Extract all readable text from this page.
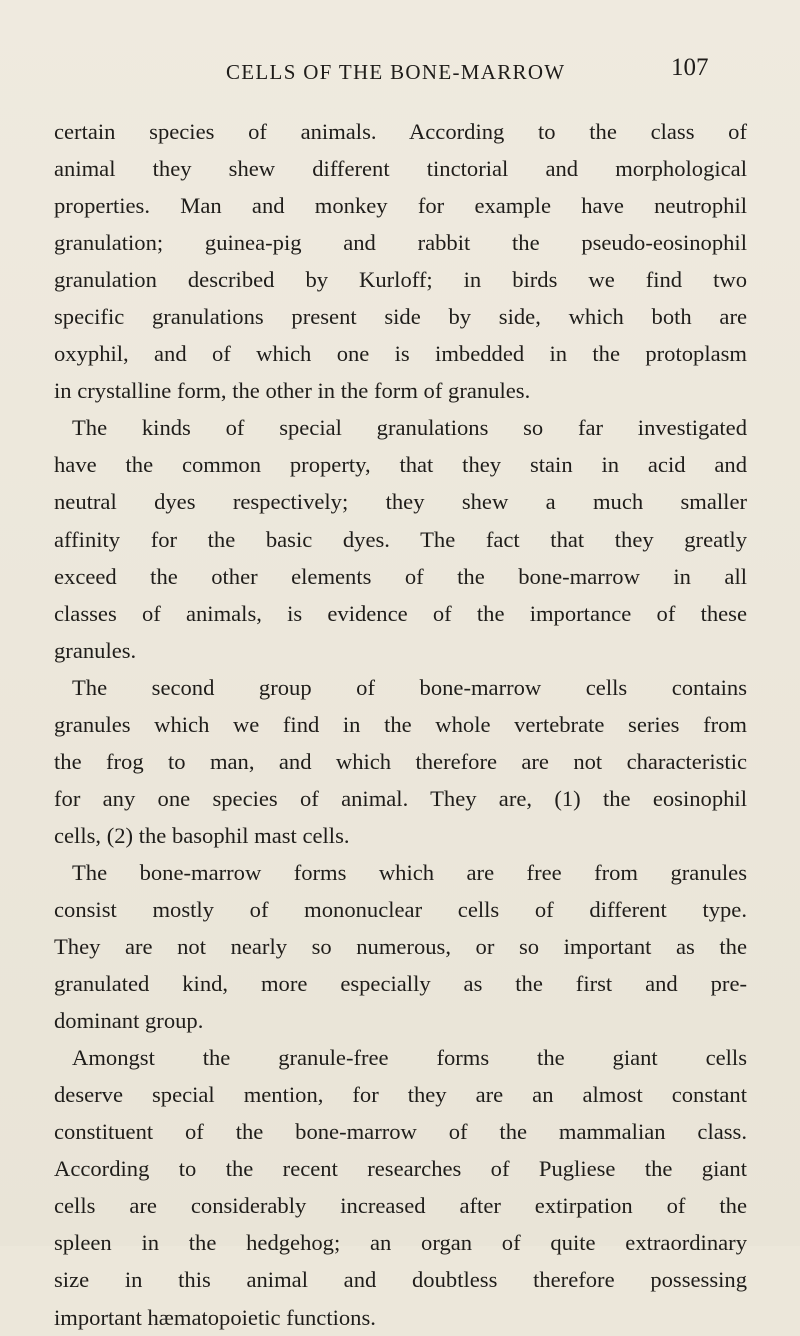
CELLS OF THE BONE-MARROW	107
certain species of animals. According to the class of
animal they shew different tinctorial and morphological
properties. Man and monkey for example have neutrophil
granulation; guinea-pig and rabbit the pseudo-eosinophil
granulation described by Kurloff; in birds we find two
specific granulations present side by side, which both are
oxyphil, and of which one is imbedded in the protoplasm
in crystalline form, the other in the form of granules.
The kinds of special granulations so far investigated
have the common property, that they stain in acid and
neutral dyes respectively; they shew a much smaller
affinity for the basic dyes. The fact that they greatly
exceed the other elements of the bone-marrow in all
classes of animals, is evidence of the importance of these
granules.
The second group of bone-marrow cells contains
granules which we find in the whole vertebrate series from
the frog to man, and which therefore are not characteristic
for any one species of animal. They are, (1) the eosinophil
cells, (2) the basophil mast cells.
The bone-marrow forms which are free from granules
consist mostly of mononuclear cells of different type.
They are not nearly so numerous, or so important as the
granulated kind, more especially as the first and pre-
dominant group.
Amongst the granule-free forms the giant cells
deserve special mention, for they are an almost constant
constituent of the bone-marrow of the mammalian class.
According to the recent researches of Pugliese the giant
cells are considerably increased after extirpation of the
spleen in the hedgehog; an organ of quite extraordinary
size in this animal and doubtless therefore possessing
important hæmatopoietic functions.
